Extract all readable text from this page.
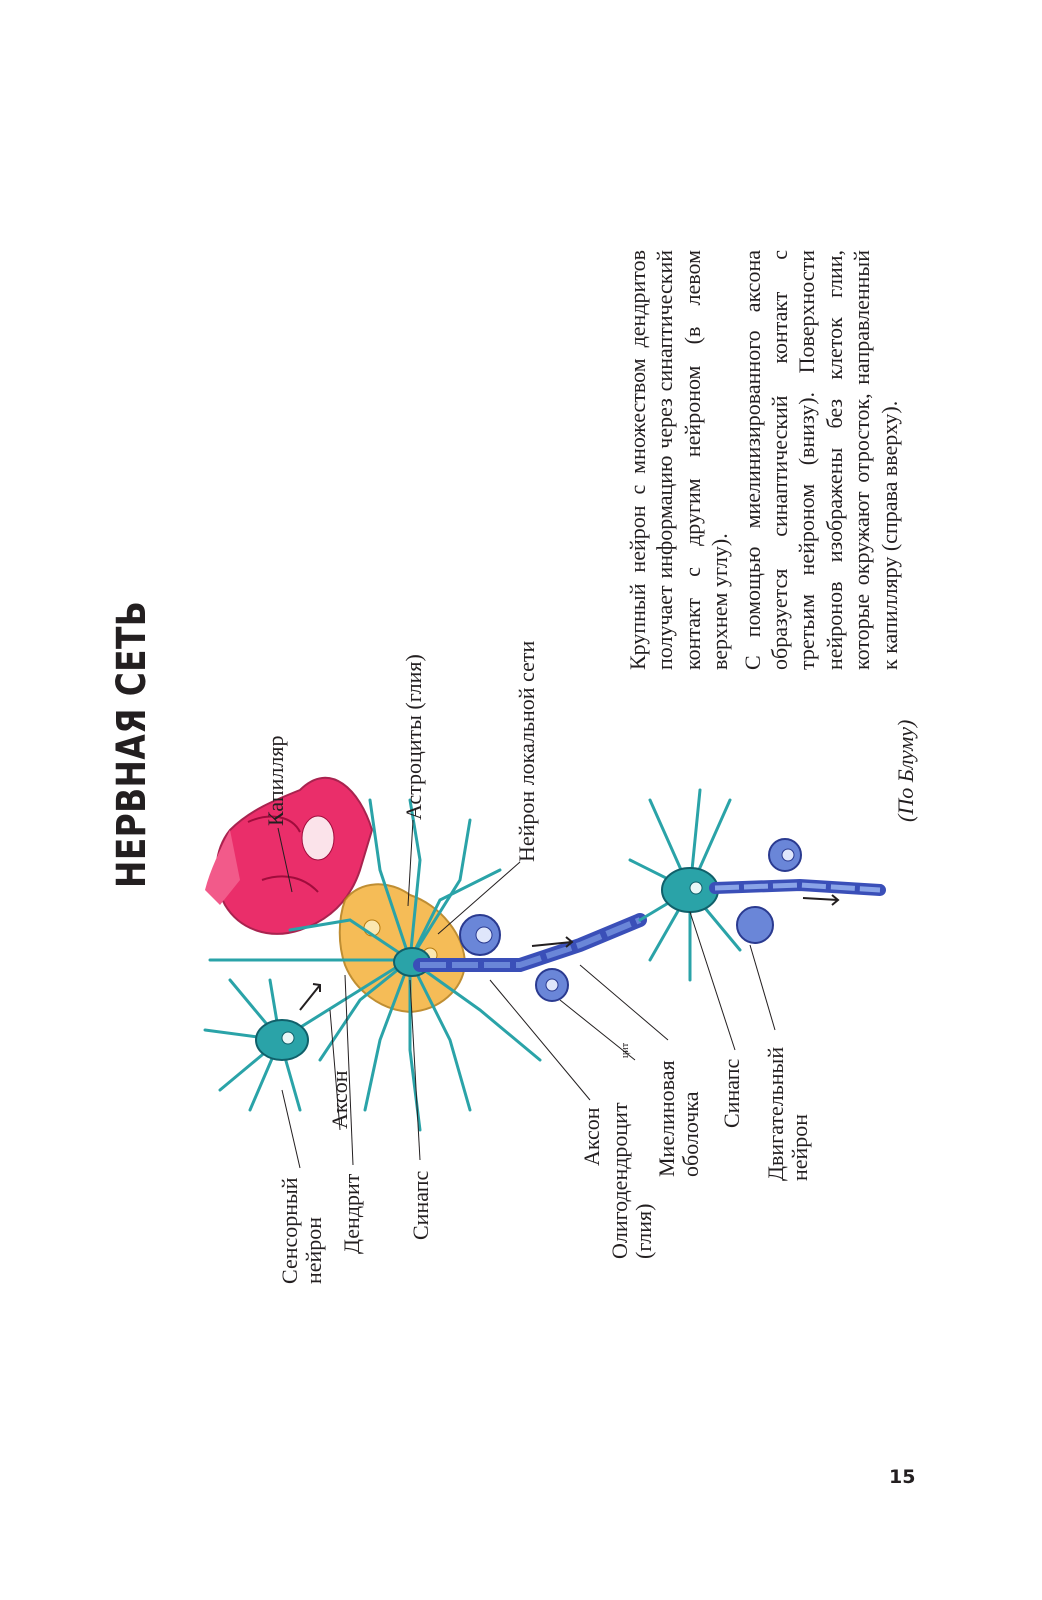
НЕРВНАЯ СЕТЬ	Капилляр	Астроциты (глия)	Нейрон локальной сети
Сенсорный нейрон
Аксон
Дендрит Синапс
Аксон Олигодендроцит (глия)
цит
Миелиновая оболочка Синапс Двигательный нейрон
(По Блуму)

Крупный нейрон с множеством дендритов получает информацию через синаптический контакт с другим нейроном (в левом верхнем углу). С помощью миелинизированного аксона образуется синаптический контакт с третьим нейроном (внизу). Поверхности нейронов изображены без клеток глии, которые окружают отросток, направленный к капилляру (справа вверху).

15
